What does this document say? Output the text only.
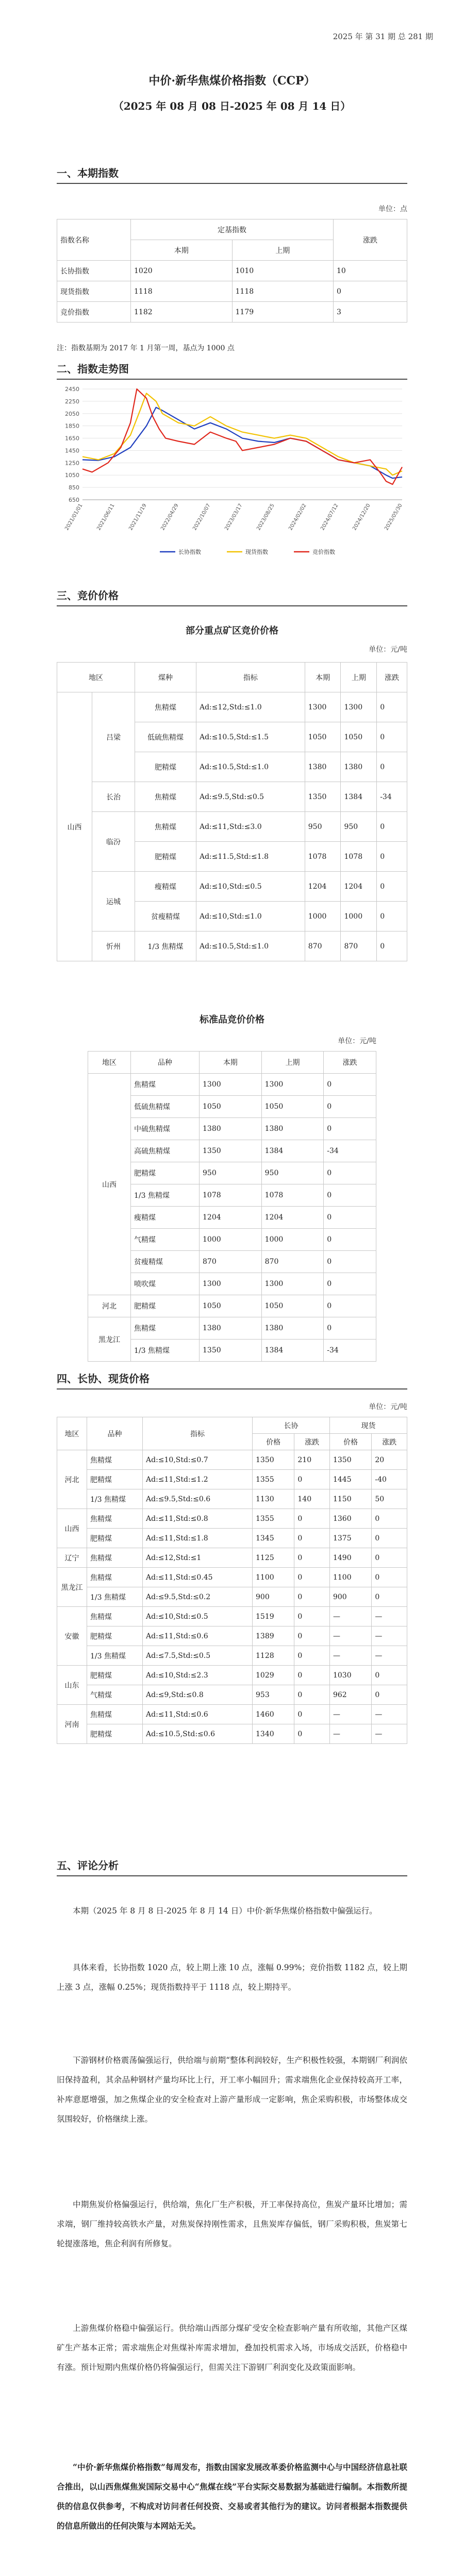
2025 年 第 31 期 总 281 期
中价·新华焦煤价格指数（CCP）
（2025 年 08 月 08 日-2025 年 08 月 14 日）
一、本期指数
单位：点
指数名称	定基指数		涨跌
	本期	上期	
长协指数	1020	1010	10
现货指数	1118	1118	0
竞价指数	1182	1179	3
注：指数基期为 2017 年 1 月第一周，基点为 1000 点
二、指数走势图
650
850
1050
1250
1450
1650
1850
2050
2250
2450
2021/01/01 2021/06/11 2021/11/19 2022/04/29 2022/10/07 2023/03/17 2023/08/25 2024/02/02 2024/07/12 2024/12/20 2025/05/30
长协指数	现货指数	竞价指数
三、竞价价格
部分重点矿区竞价价格
单位：元/吨
地区		煤种	指标	本期	上期	涨跌
山西	吕梁	焦精煤	Ad:≤12,Std:≤1.0	1300	1300	0
		低硫焦精煤	Ad:≤10.5,Std:≤1.5	1050	1050	0
		肥精煤	Ad:≤10.5,Std:≤1.0	1380	1380	0
	长治	焦精煤	Ad:≤9.5,Std:≤0.5	1350	1384	-34
	临汾	焦精煤	Ad:≤11,Std:≤3.0	950	950	0
		肥精煤	Ad:≤11.5,Std:≤1.8	1078	1078	0
	运城	瘦精煤	Ad:≤10,Std:≤0.5	1204	1204	0
		贫瘦精煤	Ad:≤10,Std:≤1.0	1000	1000	0
	忻州	1/3 焦精煤	Ad:≤10.5,Std:≤1.0	870	870	0
标准品竞价价格
单位：元/吨
地区	品种	本期	上期	涨跌
山西	焦精煤	1300	1300	0
	低硫焦精煤	1050	1050	0
	中硫焦精煤	1380	1380	0
	高硫焦精煤	1350	1384	-34
	肥精煤	950	950	0
	1/3 焦精煤	1078	1078	0
	瘦精煤	1204	1204	0
	气精煤	1000	1000	0
	贫瘦精煤	870	870	0
	喷吹煤	1300	1300	0
河北	肥精煤	1050	1050	0
黑龙江	焦精煤	1380	1380	0
	1/3 焦精煤	1350	1384	-34
四、长协、现货价格
单位：元/吨
地区	品种	指标	长协		现货	
			价格	涨跌	价格	涨跌
河北	焦精煤	Ad:≤10,Std:≤0.7	1350	210	1350	20
	肥精煤	Ad:≤11,Std:≤1.2	1355	0	1445	-40
	1/3 焦精煤	Ad:≤9.5,Std:≤0.6	1130	140	1150	50
山西	焦精煤	Ad:≤11,Std:≤0.8	1355	0	1360	0
	肥精煤	Ad:≤11,Std:≤1.8	1345	0	1375	0
辽宁	焦精煤	Ad:≤12,Std:≤1	1125	0	1490	0
黑龙江	焦精煤	Ad:≤11,Std:≤0.45	1100	0	1100	0
	1/3 焦精煤	Ad:≤9.5,Std:≤0.2	900	0	900	0
安徽	焦精煤	Ad:≤10,Std:≤0.5	1519	0	—	—
	肥精煤	Ad:≤11,Std:≤0.6	1389	0	—	—
	1/3 焦精煤	Ad:≤7.5,Std:≤0.5	1128	0	—	—
山东	肥精煤	Ad:≤10,Std:≤2.3	1029	0	1030	0
	气精煤	Ad:≤9,Std:≤0.8	953	0	962	0
河南	焦精煤	Ad:≤11,Std:≤0.6	1460	0	—	—
	肥精煤	Ad:≤10.5,Std:≤0.6	1340	0	—	—
五、评论分析

本期（2025 年 8 月 8 日-2025 年 8 月 14 日）中价·新华焦煤价格指数中偏强运行。

具体来看，长协指数 1020 点，较上期上涨 10 点，涨幅 0.99%；竞价指数 1182 点，较上期上涨 3 点，涨幅 0.25%；现货指数持平于 1118 点，较上期持平。

下游钢材价格震荡偏强运行，供给端与前期“整体利润较好，生产积极性较强，本期钢厂利润依旧保持盈利，其余品种钢材产量均环比上行，开工率小幅回升；需求端焦化企业保持较高开工率，补库意愿增强，加之焦煤企业的安全检查对上游产量形成一定影响，焦企采购积极，市场整体成交氛围较好，价格继续上涨。

中期焦炭价格偏强运行，供给端，焦化厂生产积极，开工率保持高位，焦炭产量环比增加；需求端，钢厂维持较高铁水产量，对焦炭保持刚性需求，且焦炭库存偏低，钢厂采购积极，焦炭第七轮提涨落地，焦企利润有所修复。

上游焦煤价格稳中偏强运行。供给端山西部分煤矿受安全检查影响产量有所收缩，其他产区煤矿生产基本正常；需求端焦企对焦煤补库需求增加，叠加投机需求入场，市场成交活跃，价格稳中有涨。预计短期内焦煤价格仍将偏强运行，但需关注下游钢厂利润变化及政策面影响。

“中价·新华焦煤价格指数”每周发布，指数由国家发展改革委价格监测中心与中国经济信息社联合推出，以山西焦煤焦炭国际交易中心“焦煤在线”平台实际交易数据为基础进行编制。本指数所提供的信息仅供参考，不构成对访问者任何投资、交易或者其他行为的建议。访问者根据本指数提供的信息所做出的任何决策与本网站无关。
